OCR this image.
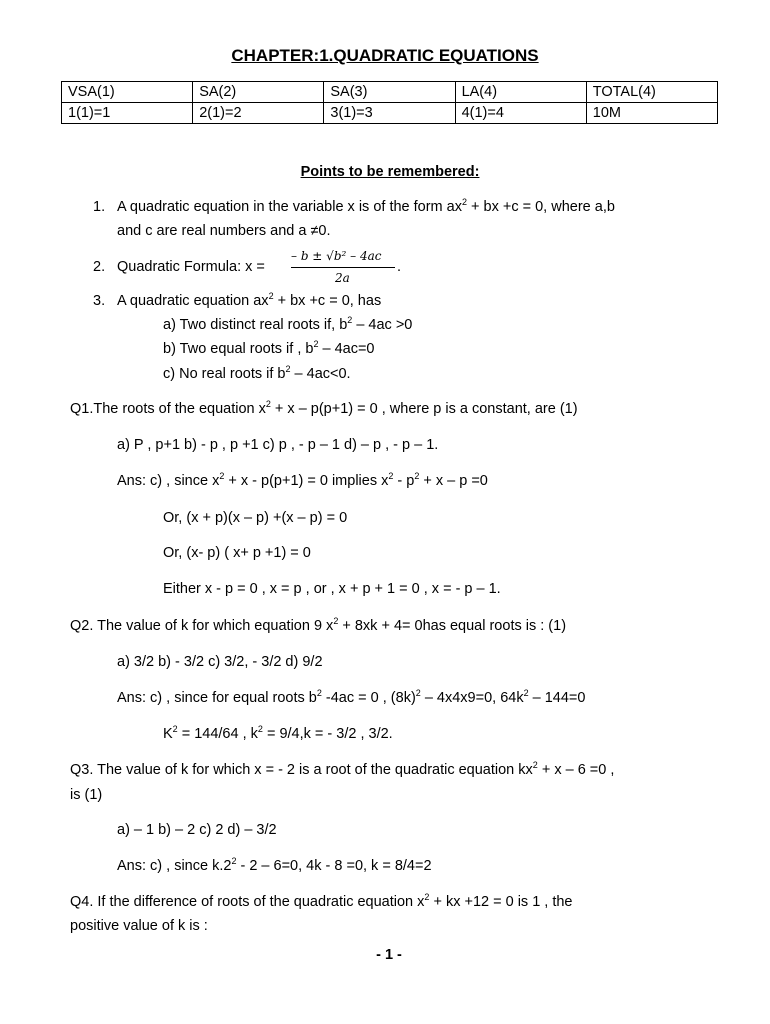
CHAPTER:1.QUADRATIC EQUATIONS
VSA(1)	SA(2)	SA(3)	LA(4)	TOTAL(4)
1(1)=1	2(1)=2	3(1)=3	4(1)=4	10M
Points to be remembered:
1. A quadratic equation in the variable x is of the form $ax^2$ + bx +c = 0, where a,b
and c are real numbers and a ≠0.
2. Quadratic Formula: x =
– b ± √b² – 4ac
2a
.
3. A quadratic equation $ax^2$ + bx +c = 0, has
a) Two distinct real roots if, $b^2 - 4ac >0$
b) Two equal roots if , $b^2 - 4ac=0$
c) No real roots if $b^2 - 4ac<0$.
Q1.The roots of the equation $x^2 + x - p(p+1) = 0$ , where p is a constant, are (1)
a) P , p+1 b) - p , p +1 c) p , - p – 1 d) – p , - p – 1.
Ans: c) , since $x^2 + x - p(p+1) = 0$ implies $x^2 - p^2 + x - p =0$
Or, (x + p)(x – p) +(x – p) = 0
Or, (x- p) ( x+ p +1) = 0
Either x - p = 0 , x = p , or , x + p + 1 = 0 , x = - p – 1.
Q2. The value of k for which equation 9 $x^2 + 8xk + 4= 0has$ equal roots is : (1)
a) 3/2 b) - 3/2 c) 3/2, - 3/2 d) 9/2
Ans: c) , since for equal roots $b^2$ -4ac = 0 , $(8k)^2 - 4x4x9=0$, $64k^2 - 144=0$
$K^2 = 144/64$ , $k^2 = 9/4,k$ = - 3/2 , 3/2.
Q3. The value of k for which x = - 2 is a root of the quadratic equation $kx^2 + x - 6 =0$ ,
is (1)
a) – 1 b) – 2 c) 2 d) – 3/2
Ans: c) , since $k.2^2 - 2 - 6=0$, 4k - 8 =0, k = 8/4=2
Q4. If the difference of roots of the quadratic equation $x^2$ + kx +12 = 0 is 1 , the
positive value of k is :
- 1 -
